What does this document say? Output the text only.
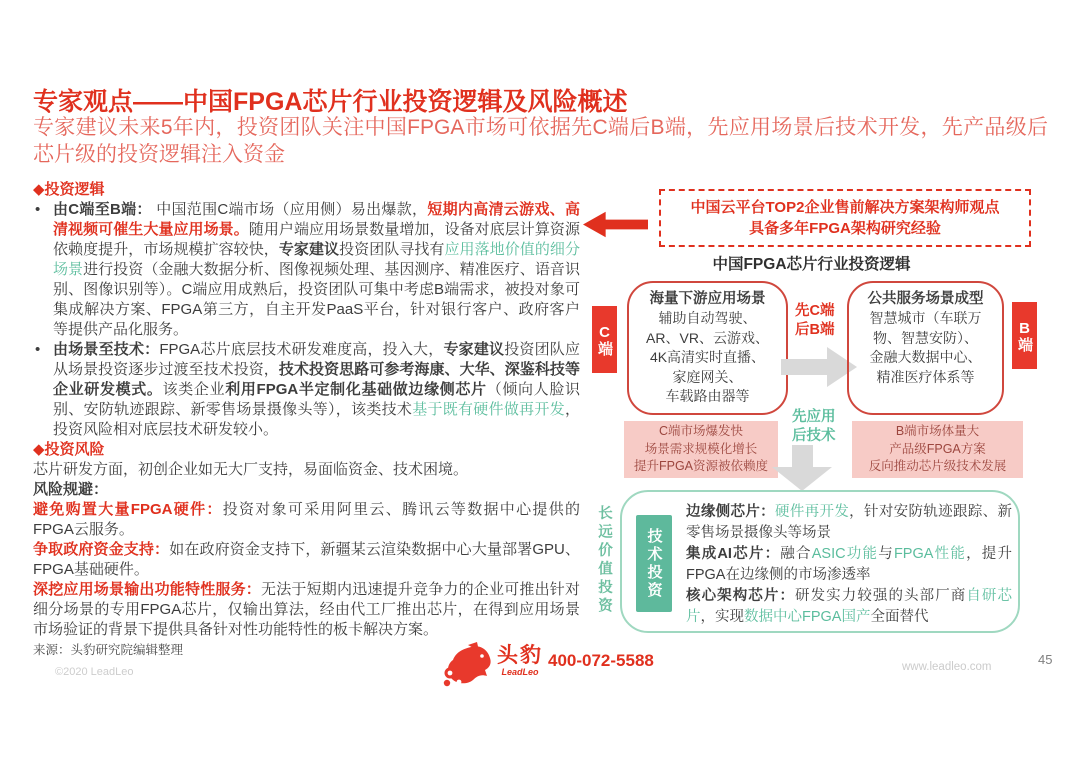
专家观点——中国FPGA芯片行业投资逻辑及风险概述
专家建议未来5年内，投资团队关注中国FPGA市场可依据先C端后B端，先应用场景后技术开发，先产品级后芯片级的投资逻辑注入资金
◆投资逻辑
• 由C端至B端： 中国范围C端市场（应用侧）易出爆款，短期内高清云游戏、高清视频可催生大量应用场景。随用户端应用场景数量增加，设备对底层计算资源依赖度提升，市场规模扩容较快，专家建议投资团队寻找有应用落地价值的细分场景进行投资（金融大数据分析、图像视频处理、基因测序、精准医疗、语音识别、图像识别等）。C端应用成熟后，投资团队可集中考虑B端需求，被投对象可集成解决方案、FPGA第三方，自主开发PaaS平台，针对银行客户、政府客户等提供产品化服务。
• 由场景至技术：FPGA芯片底层技术研发难度高，投入大，专家建议投资团队应从场景投资逐步过渡至技术投资，技术投资思路可参考海康、大华、深鉴科技等企业研发模式。该类企业利用FPGA半定制化基础做边缘侧芯片（倾向人脸识别、安防轨迹跟踪、新零售场景摄像头等），该类技术基于既有硬件做再开发，投资风险相对底层技术研发较小。
◆投资风险
芯片研发方面，初创企业如无大厂支持，易面临资金、技术困境。
风险规避：
避免购置大量FPGA硬件：投资对象可采用阿里云、腾讯云等数据中心提供的FPGA云服务。
争取政府资金支持：如在政府资金支持下，新疆某云渲染数据中心大量部署GPU、FPGA基础硬件。
深挖应用场景输出功能特性服务：无法于短期内迅速提升竞争力的企业可推出针对细分场景的专用FPGA芯片，仅输出算法，经由代工厂推出芯片，在得到应用场景市场验证的背景下提供具备针对性功能特性的板卡解决方案。
中国云平台TOP2企业售前解决方案架构师观点
具备多年FPGA架构研究经验
中国FPGA芯片行业投资逻辑
C端	B端
海量下游应用场景
辅助自动驾驶、
AR、VR、云游戏、
4K高清实时直播、
家庭网关、
车载路由器等
先C端
后B端
公共服务场景成型
智慧城市（车联万
物、智慧安防）、
金融大数据中心、
精准医疗体系等
C端市场爆发快
场景需求规模化增长
提升FPGA资源被依赖度
先应用
后技术	B端市场体量大
产品级FPGA方案
反向推动芯片级技术发展
长远价值投资	技术投资

边缘侧芯片：硬件再开发，针对安防轨迹跟踪、新零售场景摄像头等场景

集成AI芯片：融合ASIC功能与FPGA性能，提升FPGA在边缘侧的市场渗透率

核心架构芯片：研发实力较强的头部厂商自研芯片，实现数据中心FPGA国产全面替代

来源：头豹研究院编辑整理
©2020 LeadLeo
头豹
LeadLeo
400-072-5588	www.leadleo.com	45
